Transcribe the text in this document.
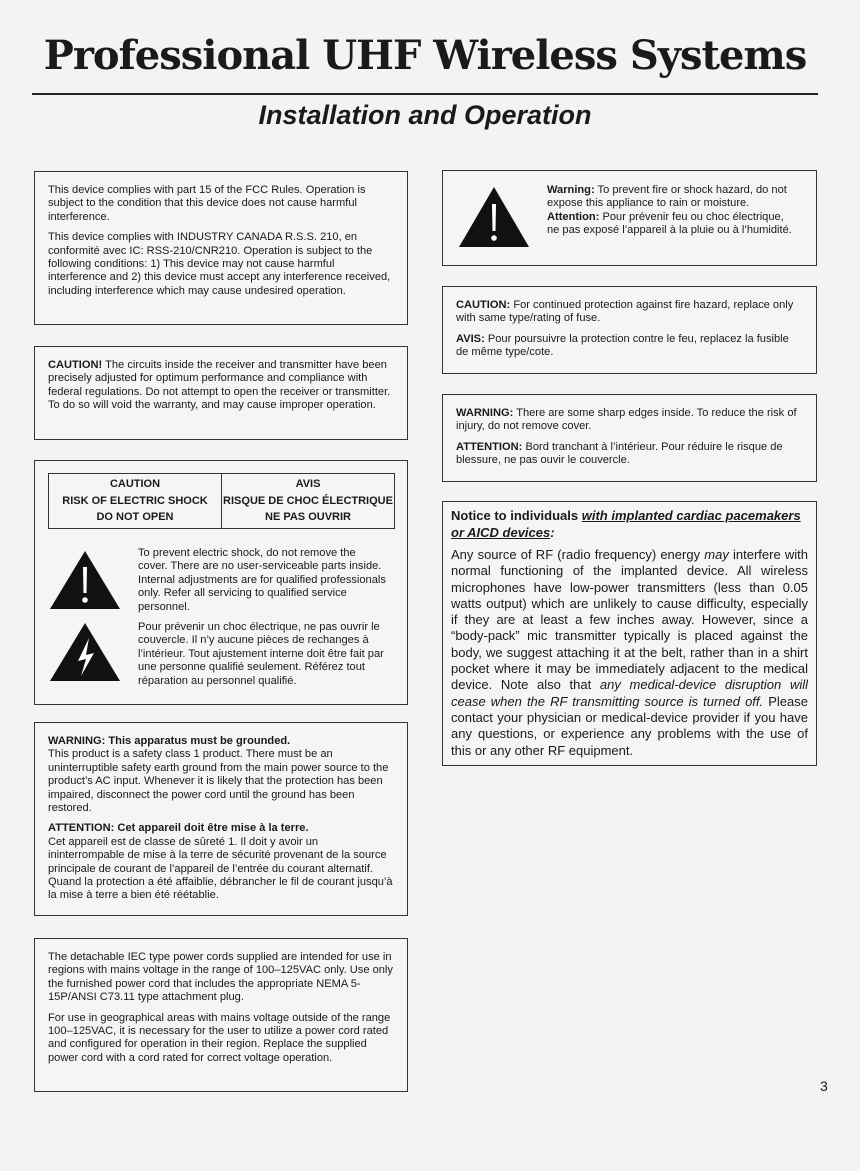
Professional UHF Wireless Systems
Installation and Operation

This device complies with part 15 of the FCC Rules. Operation is subject to the condition that this device does not cause harmful interference.

This device complies with INDUSTRY CANADA R.S.S. 210, en conformité avec IC: RSS-210/CNR210. Operation is subject to the following conditions: 1) This device may not cause harmful interference and 2) this device must accept any interference received, including interference which may cause undesired operation.

CAUTION! The circuits inside the receiver and transmitter have been precisely adjusted for optimum performance and compliance with federal regulations. Do not attempt to open the receiver or transmitter. To do so will void the warranty, and may cause improper operation.

CAUTION
RISK OF ELECTRIC SHOCK
DO NOT OPEN
AVIS
RISQUE DE CHOC ÉLECTRIQUE
NE PAS OUVRIR

To prevent electric shock, do not remove the cover. There are no user-serviceable parts inside. Internal adjustments are for qualified professionals only. Refer all servicing to qualified service personnel.

Pour prévenir un choc électrique, ne pas ouvrir le couvercle. Il n’y aucune pièces de rechanges à l’intérieur. Tout ajustement interne doit être fait par une personne qualifié seulement. Référez tout réparation au personnel qualifié.

WARNING: This apparatus must be grounded.
This product is a safety class 1 product. There must be an uninterruptible safety earth ground from the main power source to the product’s AC input. Whenever it is likely that the protection has been impaired, disconnect the power cord until the ground has been restored.

ATTENTION: Cet appareil doit être mise à la terre.
Cet appareil est de classe de sûreté 1. Il doit y avoir un ininterrompable de mise à la terre de sécurité provenant de la source principale de courant de l’appareil de l’entrée du courant alternatif. Quand la protection a été affaiblie, débrancher le fil de courant jusqu’à la mise à terre a bien été réétablie.

The detachable IEC type power cords supplied are intended for use in regions with mains voltage in the range of 100–125VAC only. Use only the furnished power cord that includes the appropriate NEMA 5-15P/ANSI C73.11 type attachment plug.

For use in geographical areas with mains voltage outside of the range 100–125VAC, it is necessary for the user to utilize a power cord rated and configured for operation in their region. Replace the supplied power cord with a cord rated for correct voltage operation.

Warning: To prevent fire or shock hazard, do not expose this appliance to rain or moisture.
Attention: Pour prévenir feu ou choc électrique, ne pas exposé l’appareil à la pluie ou à l’humidité.

CAUTION: For continued protection against fire hazard, replace only with same type/rating of fuse.

AVIS: Pour poursuivre la protection contre le feu, replacez la fusible de même type/cote.

WARNING: There are some sharp edges inside. To reduce the risk of injury, do not remove cover.

ATTENTION: Bord tranchant à l’intérieur. Pour réduire le risque de blessure, ne pas ouvir le couvercle.

Notice to individuals with implanted cardiac pacemakers or AICD devices:
Any source of RF (radio frequency) energy may interfere with normal functioning of the implanted device. All wireless microphones have low-power transmitters (less than 0.05 watts output) which are unlikely to cause difficulty, especially if they are at least a few inches away. However, since a “body-pack” mic transmitter typically is placed against the body, we suggest attaching it at the belt, rather than in a shirt pocket where it may be immediately adjacent to the medical device. Note also that any medical-device disruption will cease when the RF transmitting source is turned off. Please contact your physician or medical-device provider if you have any questions, or experience any problems with the use of this or any other RF equipment.
3
